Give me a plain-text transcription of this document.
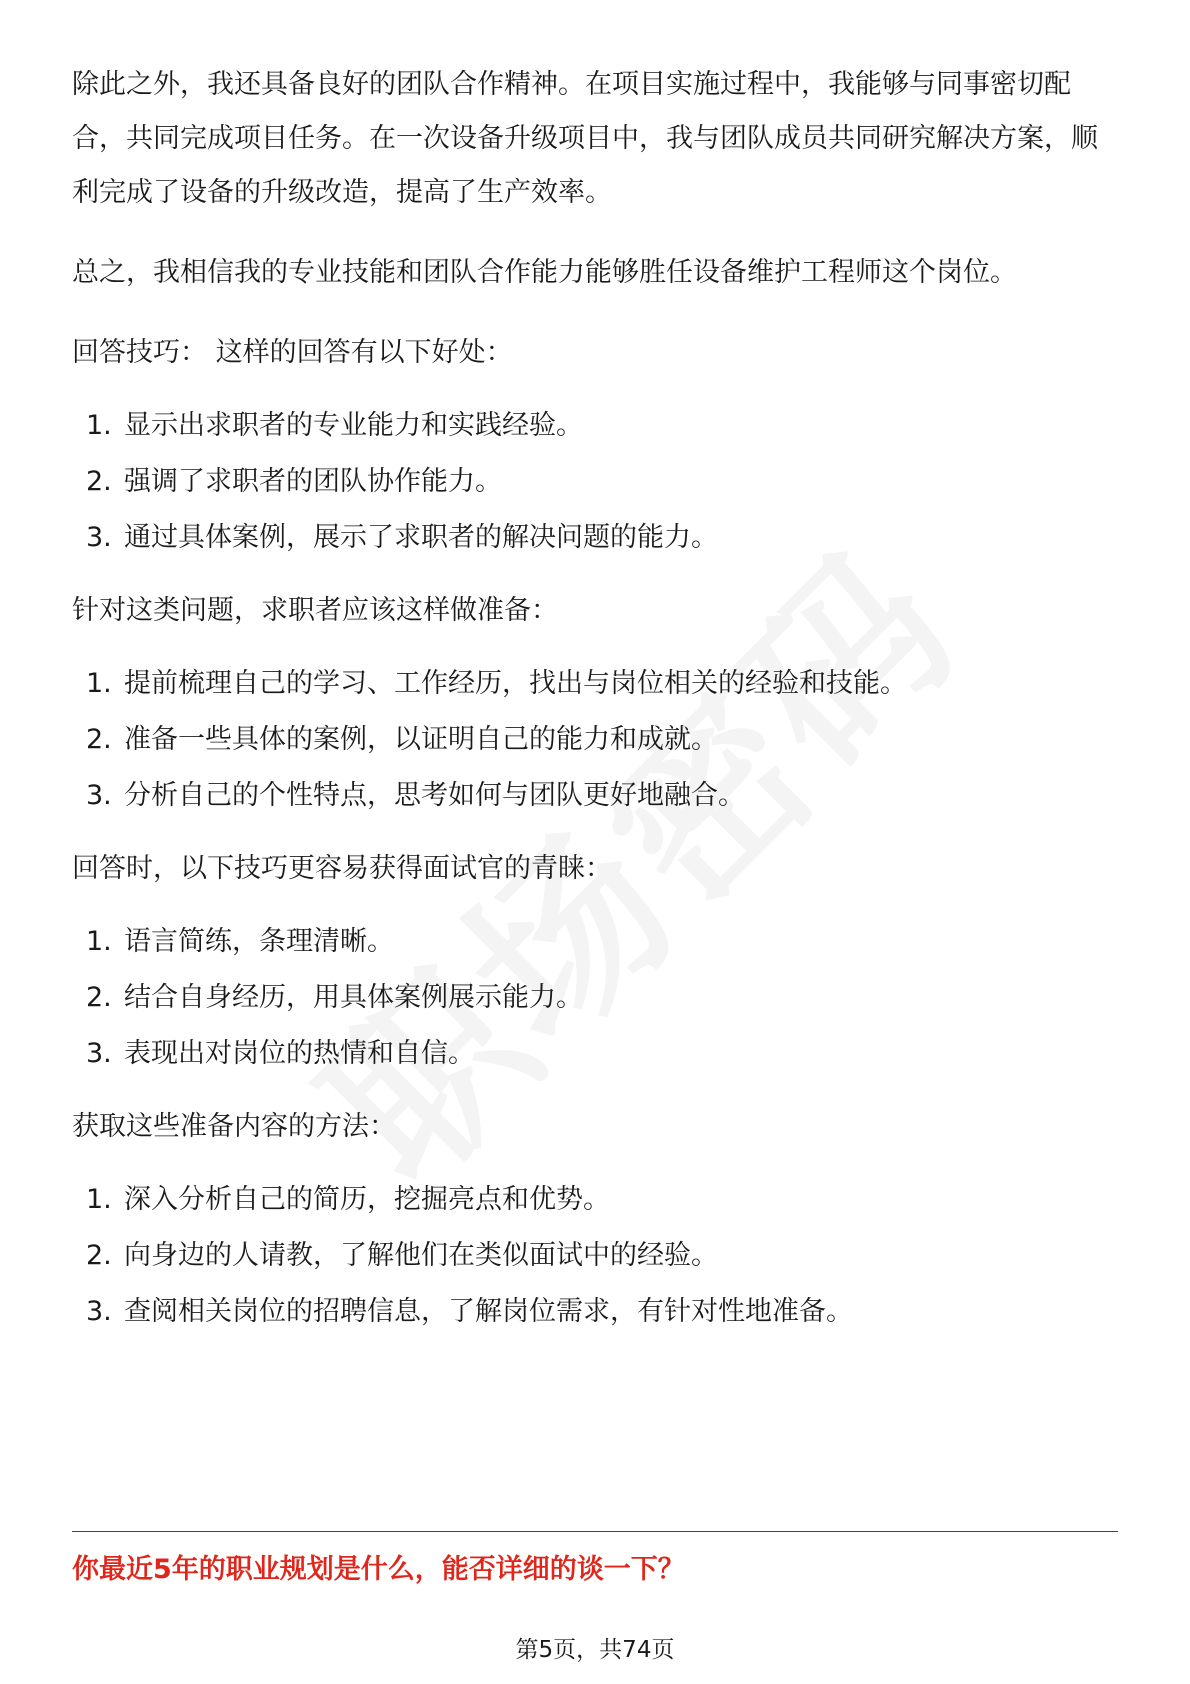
除此之外，我还具备良好的团队合作精神。在项目实施过程中，我能够与同事密切配合，共同完成项目任务。在一次设备升级项目中，我与团队成员共同研究解决方案，顺利完成了设备的升级改造，提高了生产效率。

总之，我相信我的专业技能和团队合作能力能够胜任设备维护工程师这个岗位。

回答技巧： 这样的回答有以下好处：

1. 显示出求职者的专业能力和实践经验。
2. 强调了求职者的团队协作能力。
3. 通过具体案例，展示了求职者的解决问题的能力。

针对这类问题，求职者应该这样做准备：

1. 提前梳理自己的学习、工作经历，找出与岗位相关的经验和技能。
2. 准备一些具体的案例，以证明自己的能力和成就。
3. 分析自己的个性特点，思考如何与团队更好地融合。

回答时，以下技巧更容易获得面试官的青睐：

1. 语言简练，条理清晰。
2. 结合自身经历，用具体案例展示能力。
3. 表现出对岗位的热情和自信。

获取这些准备内容的方法：

1. 深入分析自己的简历，挖掘亮点和优势。
2. 向身边的人请教，了解他们在类似面试中的经验。
3. 查阅相关岗位的招聘信息，了解岗位需求，有针对性地准备。
你最近5年的职业规划是什么，能否详细的谈一下？
第5页，共74页
